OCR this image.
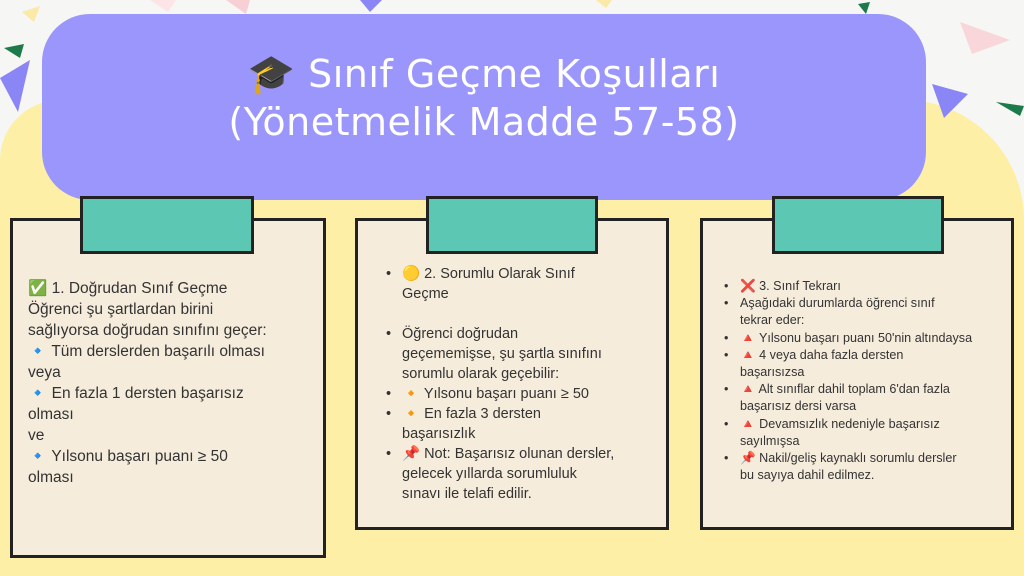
🎓 Sınıf Geçme Koşulları
(Yönetmelik Madde 57-58)
✅ 1. Doğrudan Sınıf Geçme
Öğrenci şu şartlardan birini
sağlıyorsa doğrudan sınıfını geçer:
🔹 Tüm derslerden başarılı olması
veya
🔹 En fazla 1 dersten başarısız
olması
ve
🔹 Yılsonu başarı puanı ≥ 50
olması
• 🟡 2. Sorumlu Olarak Sınıf
Geçme
• Öğrenci doğrudan
geçememişse, şu şartla sınıfını
sorumlu olarak geçebilir:
• 🔸 Yılsonu başarı puanı ≥ 50
• 🔸 En fazla 3 dersten
başarısızlık
• 📌 Not: Başarısız olunan dersler,
gelecek yıllarda sorumluluk
sınavı ile telafi edilir.
• ❌ 3. Sınıf Tekrarı
• Aşağıdaki durumlarda öğrenci sınıf
tekrar eder:
• 🔺 Yılsonu başarı puanı 50'nin altındaysa
• 🔺 4 veya daha fazla dersten
başarısızsa
• 🔺 Alt sınıflar dahil toplam 6'dan fazla
başarısız dersi varsa
• 🔺 Devamsızlık nedeniyle başarısız
sayılmışsa
• 📌 Nakil/geliş kaynaklı sorumlu dersler
bu sayıya dahil edilmez.
